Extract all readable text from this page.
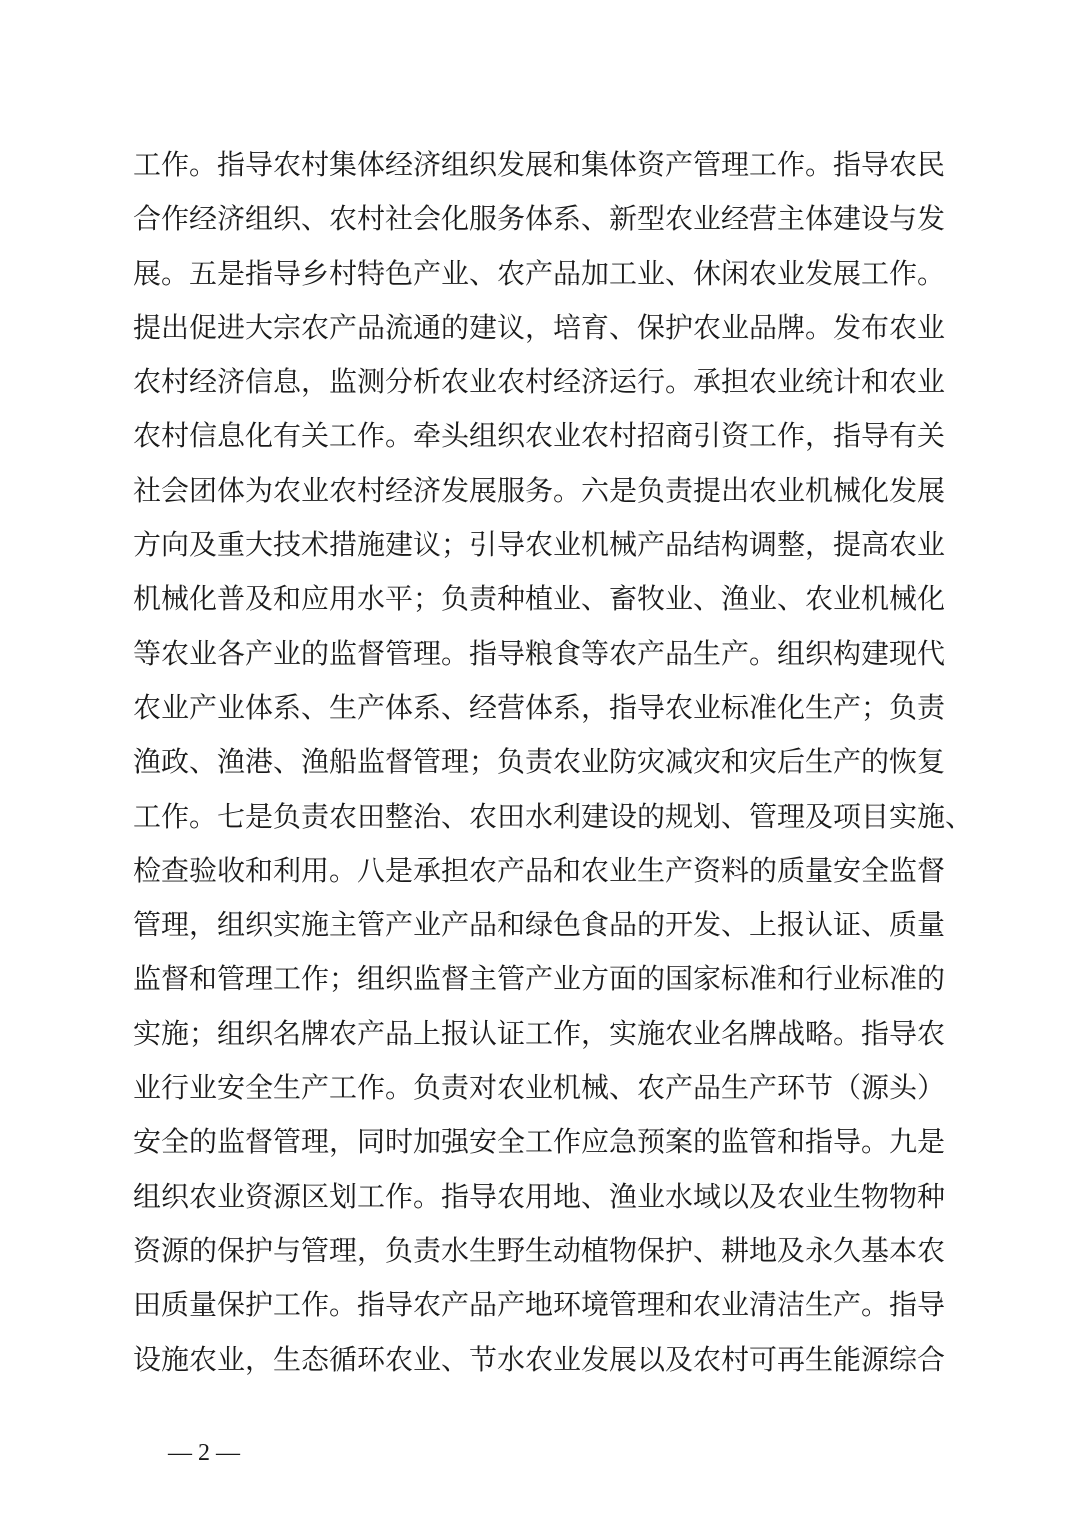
工作。指导农村集体经济组织发展和集体资产管理工作。指导农民
合作经济组织、农村社会化服务体系、新型农业经营主体建设与发
展。五是指导乡村特色产业、农产品加工业、休闲农业发展工作。
提出促进大宗农产品流通的建议，培育、保护农业品牌。发布农业
农村经济信息，监测分析农业农村经济运行。承担农业统计和农业
农村信息化有关工作。牵头组织农业农村招商引资工作，指导有关
社会团体为农业农村经济发展服务。六是负责提出农业机械化发展
方向及重大技术措施建议；引导农业机械产品结构调整，提高农业
机械化普及和应用水平；负责种植业、畜牧业、渔业、农业机械化
等农业各产业的监督管理。指导粮食等农产品生产。组织构建现代
农业产业体系、生产体系、经营体系，指导农业标准化生产；负责
渔政、渔港、渔船监督管理；负责农业防灾减灾和灾后生产的恢复
工作。七是负责农田整治、农田水利建设的规划、管理及项目实施、
检查验收和利用。八是承担农产品和农业生产资料的质量安全监督
管理，组织实施主管产业产品和绿色食品的开发、上报认证、质量
监督和管理工作；组织监督主管产业方面的国家标准和行业标准的
实施；组织名牌农产品上报认证工作，实施农业名牌战略。指导农
业行业安全生产工作。负责对农业机械、农产品生产环节（源头）
安全的监督管理，同时加强安全工作应急预案的监管和指导。九是
组织农业资源区划工作。指导农用地、渔业水域以及农业生物物种
资源的保护与管理，负责水生野生动植物保护、耕地及永久基本农
田质量保护工作。指导农产品产地环境管理和农业清洁生产。指导
设施农业，生态循环农业、节水农业发展以及农村可再生能源综合
— 2 —
